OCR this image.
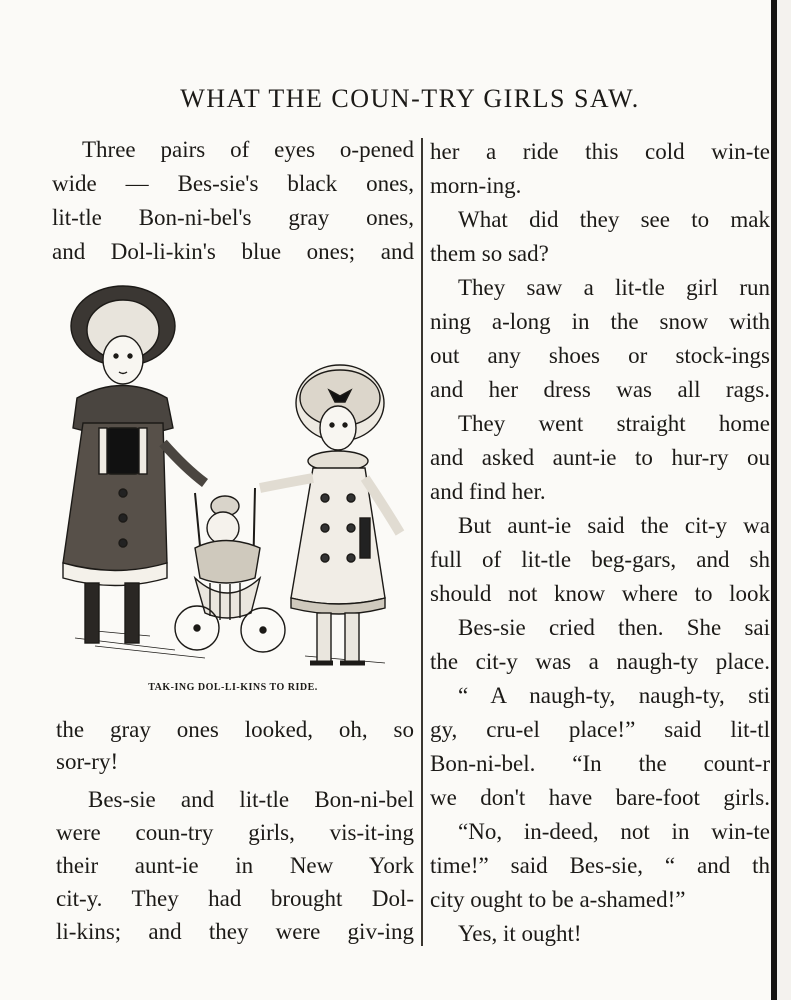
WHAT THE COUN-TRY GIRLS SAW.
Three pairs of eyes o-pened
wide — Bes-sie's black ones,
lit-tle Bon-ni-bel's gray ones,
and Dol-li-kin's blue ones; and
TAK-ING DOL-LI-KINS TO RIDE.
the gray ones looked, oh, so
sor-ry!
Bes-sie and lit-tle Bon-ni-bel
were coun-try girls, vis-it-ing
their aunt-ie in New York
cit-y. They had brought Dol-
li-kins; and they were giv-ing
her a ride this cold win-te
morn-ing.
What did they see to mak
them so sad?
They saw a lit-tle girl run
ning a-long in the snow with
out any shoes or stock-ings
and her dress was all rags.
They went straight home
and asked aunt-ie to hur-ry ou
and find her.
But aunt-ie said the cit-y wa
full of lit-tle beg-gars, and sh
should not know where to look
Bes-sie cried then. She sai
the cit-y was a naugh-ty place.
“ A naugh-ty, naugh-ty, sti
gy, cru-el place!” said lit-tl
Bon-ni-bel. “In the count-r
we don't have bare-foot girls.
“No, in-deed, not in win-te
time!” said Bes-sie, “ and th
city ought to be a-shamed!”
Yes, it ought!
